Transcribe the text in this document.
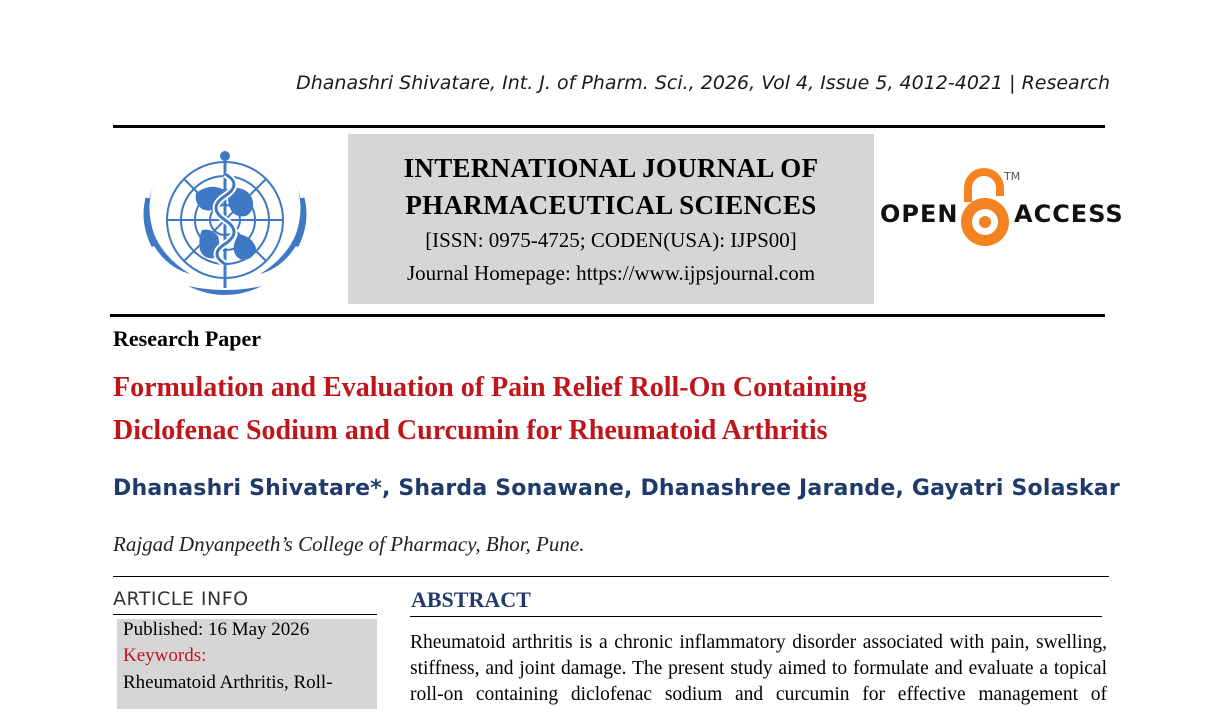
Dhanashri Shivatare, Int. J. of Pharm. Sci., 2026, Vol 4, Issue 5, 4012-4021 | Research
INTERNATIONAL JOURNAL OF
PHARMACEUTICAL SCIENCES
[ISSN: 0975-4725; CODEN(USA): IJPS00]
Journal Homepage: https://www.ijpsjournal.com
OPEN
TM
ACCESS
Research Paper
Formulation and Evaluation of Pain Relief Roll-On Containing
Diclofenac Sodium and Curcumin for Rheumatoid Arthritis
Dhanashri Shivatare*, Sharda Sonawane, Dhanashree Jarande, Gayatri Solaskar
Rajgad Dnyanpeeth’s College of Pharmacy, Bhor, Pune.
ARTICLE INFO
Published: 16 May 2026
Keywords:
Rheumatoid Arthritis, Roll-
ABSTRACT
Rheumatoid arthritis is a chronic inflammatory disorder associated with pain, swelling,
stiffness, and joint damage. The present study aimed to formulate and evaluate a topical
roll-on containing diclofenac sodium and curcumin for effective management of
